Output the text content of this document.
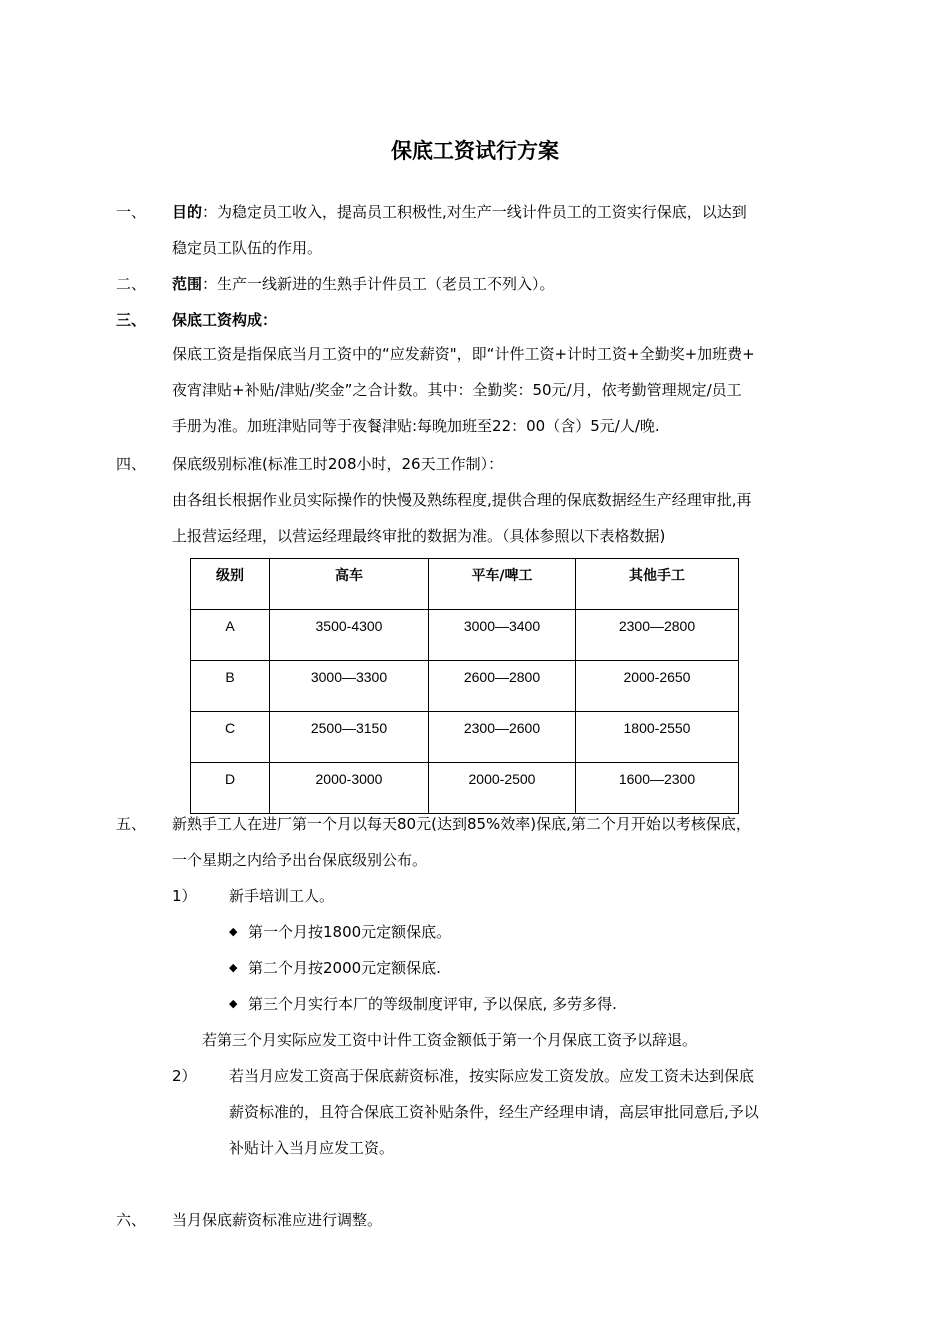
保底工资试行方案
一、 目的：为稳定员工收入，提高员工积极性,对生产一线计件员工的工资实行保底，以达到
稳定员工队伍的作用。
二、 范围：生产一线新进的生熟手计件员工（老员工不列入）。
三、 保底工资构成：
保底工资是指保底当月工资中的“应发薪资"，即“计件工资+计时工资+全勤奖+加班费+
夜宵津贴+补贴/津贴/奖金”之合计数。其中：全勤奖：50元/月，依考勤管理规定/员工
手册为准。加班津贴同等于夜餐津贴:每晚加班至22：00（含）5元/人/晚.
四、 保底级别标准(标准工时208小时，26天工作制）：
由各组长根据作业员实际操作的快慢及熟练程度,提供合理的保底数据经生产经理审批,再
上报营运经理，以营运经理最终审批的数据为准。（具体参照以下表格数据)
级别	高车	平车/啤工	其他手工
A	3500-4300	3000—3400	2300—2800
B	3000—3300	2600—2800	2000-2650
C	2500—3150	2300—2600	1800-2550
D	2000-3000	2000-2500	1600—2300
五、 新熟手工人在进厂第一个月以每天80元(达到85%效率)保底,第二个月开始以考核保底，
一个星期之内给予出台保底级别公布。
1） 新手培训工人。
◆ 第一个月按1800元定额保底。
◆ 第二个月按2000元定额保底.
◆ 第三个月实行本厂的等级制度评审, 予以保底, 多劳多得.
若第三个月实际应发工资中计件工资金额低于第一个月保底工资予以辞退。
2） 若当月应发工资高于保底薪资标准，按实际应发工资发放。应发工资未达到保底
薪资标准的，且符合保底工资补贴条件，经生产经理申请，高层审批同意后,予以
补贴计入当月应发工资。
六、 当月保底薪资标准应进行调整。
